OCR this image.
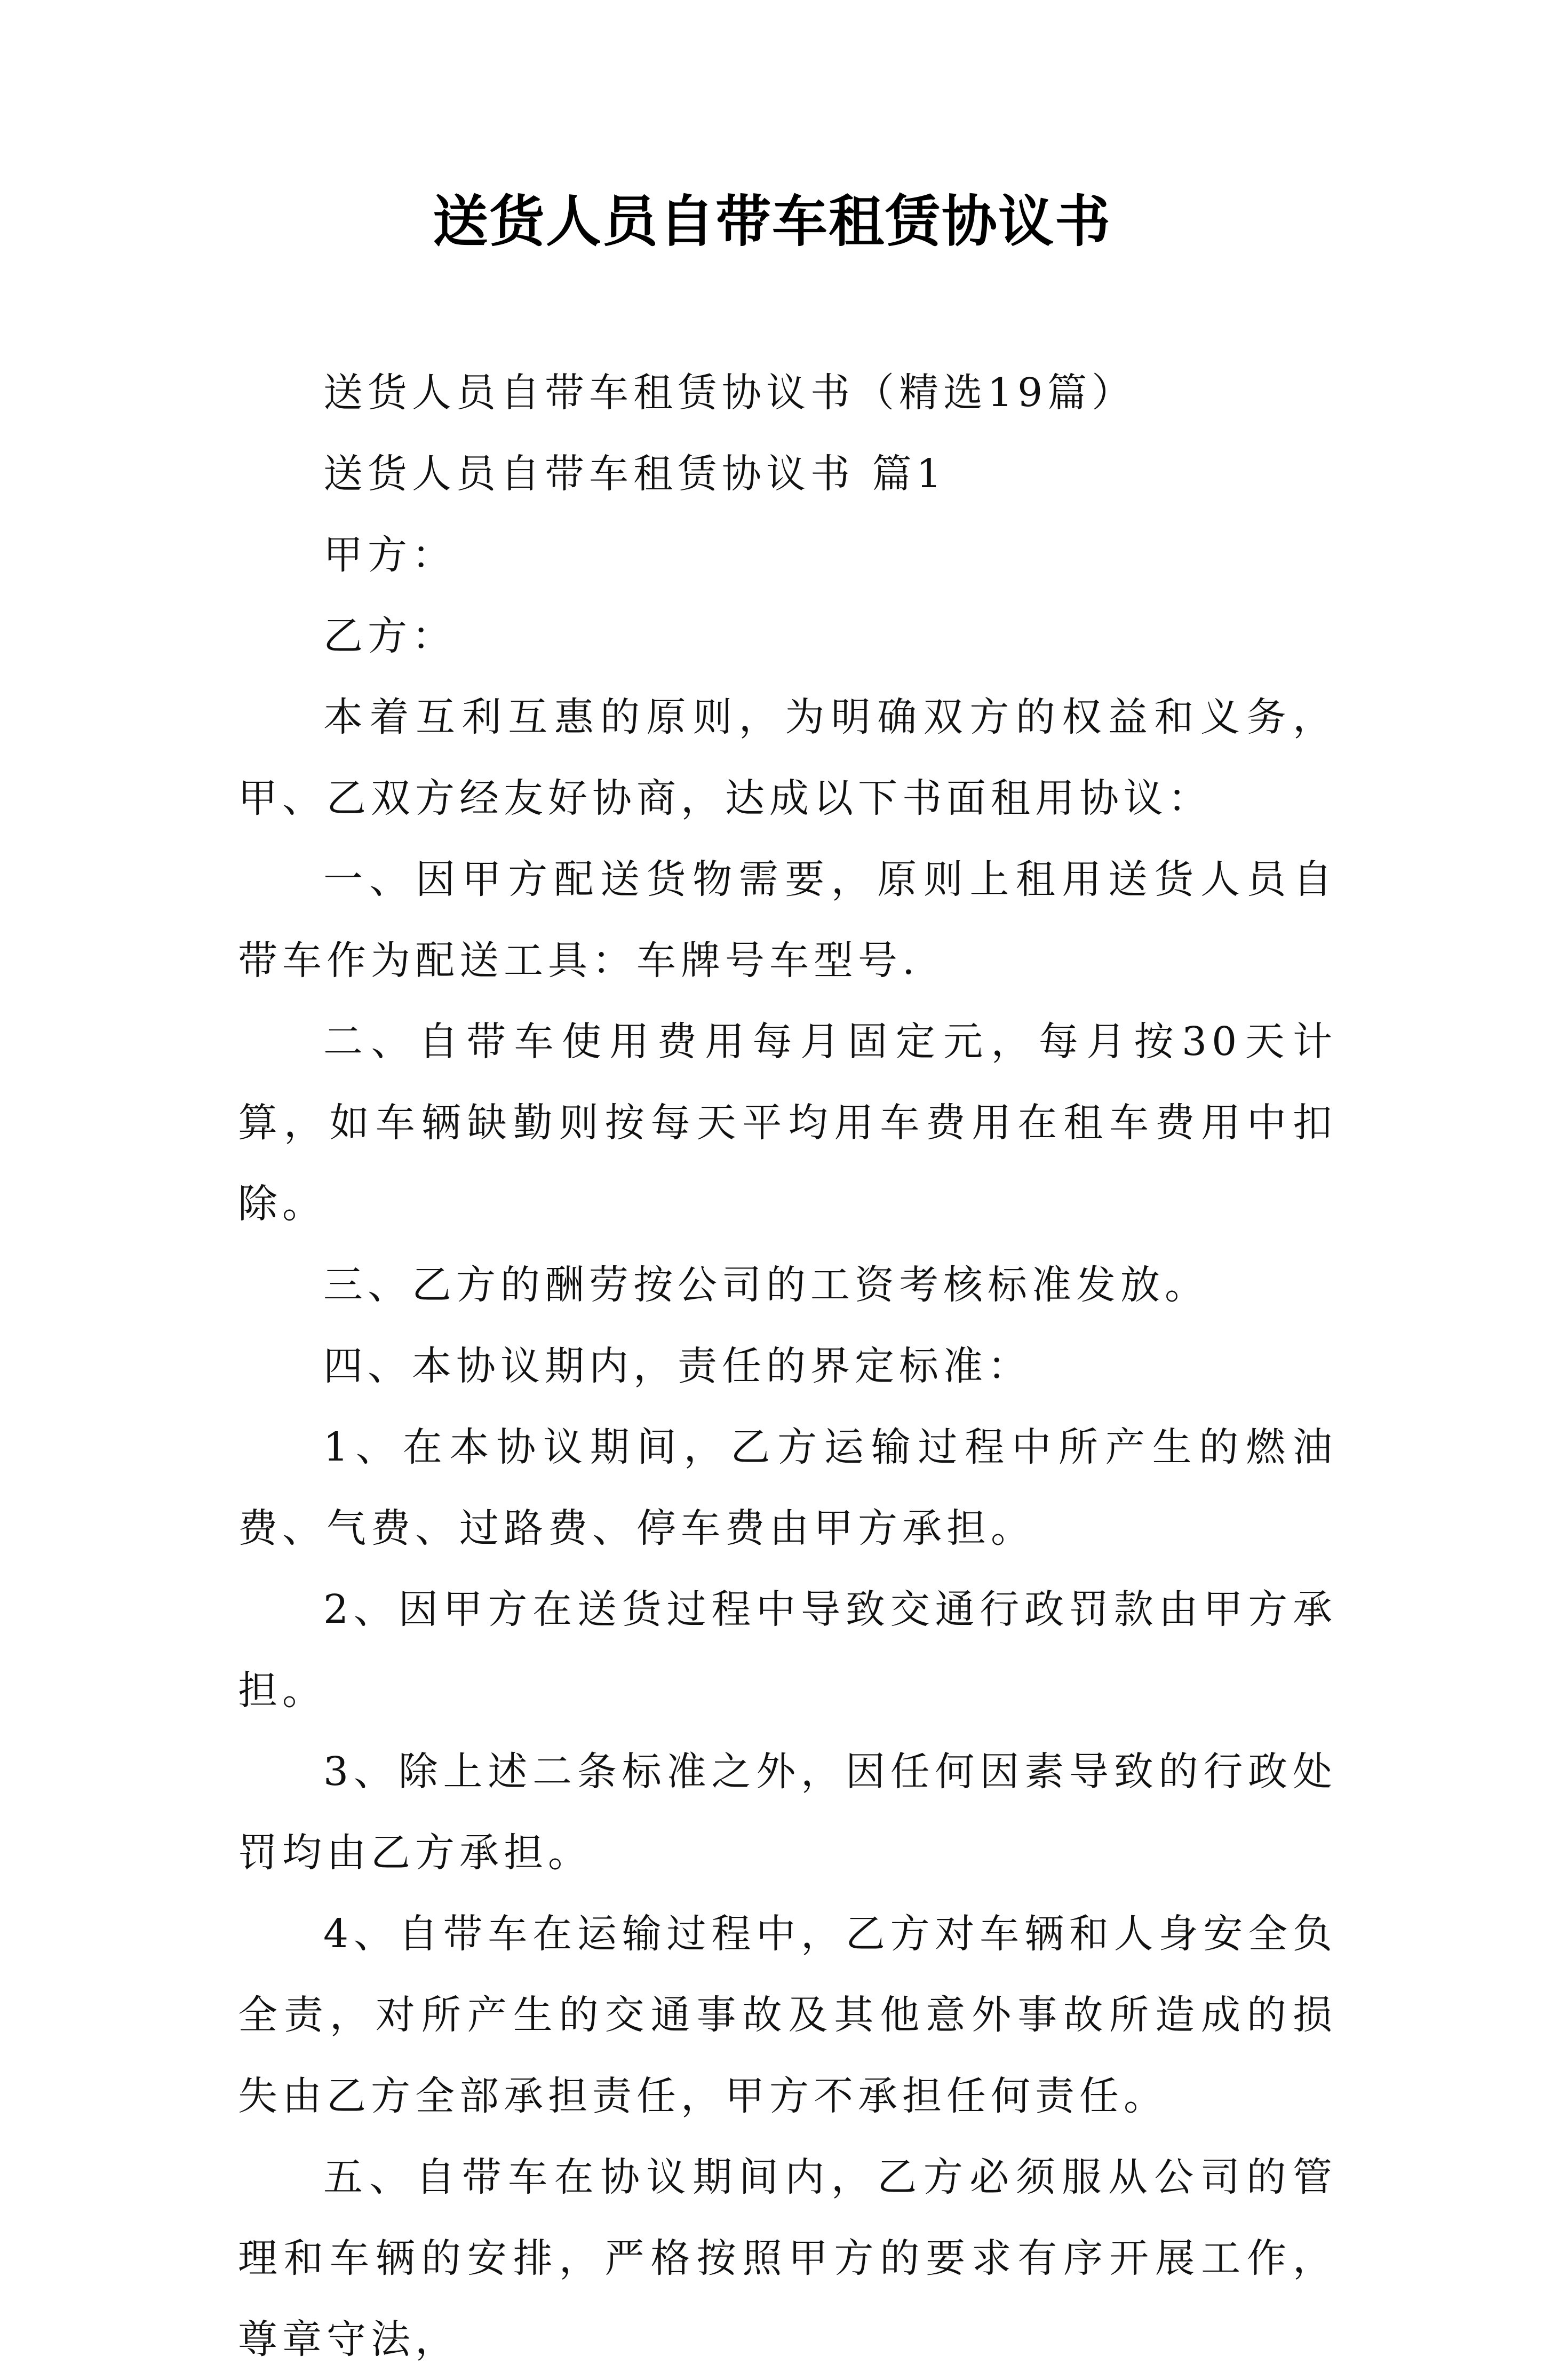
送货人员自带车租赁协议书

送货人员自带车租赁协议书（精选19篇）

送货人员自带车租赁协议书 篇1

甲方：

乙方：

本着互利互惠的原则，为明确双方的权益和义务，甲、乙双方经友好协商，达成以下书面租用协议：

一、因甲方配送货物需要，原则上租用送货人员自带车作为配送工具：车牌号车型号.

二、自带车使用费用每月固定元，每月按30天计算，如车辆缺勤则按每天平均用车费用在租车费用中扣除。

三、乙方的酬劳按公司的工资考核标准发放。

四、本协议期内，责任的界定标准：

1、在本协议期间，乙方运输过程中所产生的燃油费、气费、过路费、停车费由甲方承担。

2、因甲方在送货过程中导致交通行政罚款由甲方承担。

3、除上述二条标准之外，因任何因素导致的行政处罚均由乙方承担。

4、自带车在运输过程中，乙方对车辆和人身安全负全责，对所产生的交通事故及其他意外事故所造成的损失由乙方全部承担责任，甲方不承担任何责任。

五、自带车在协议期间内，乙方必须服从公司的管理和车辆的安排，严格按照甲方的要求有序开展工作，尊章守法，
